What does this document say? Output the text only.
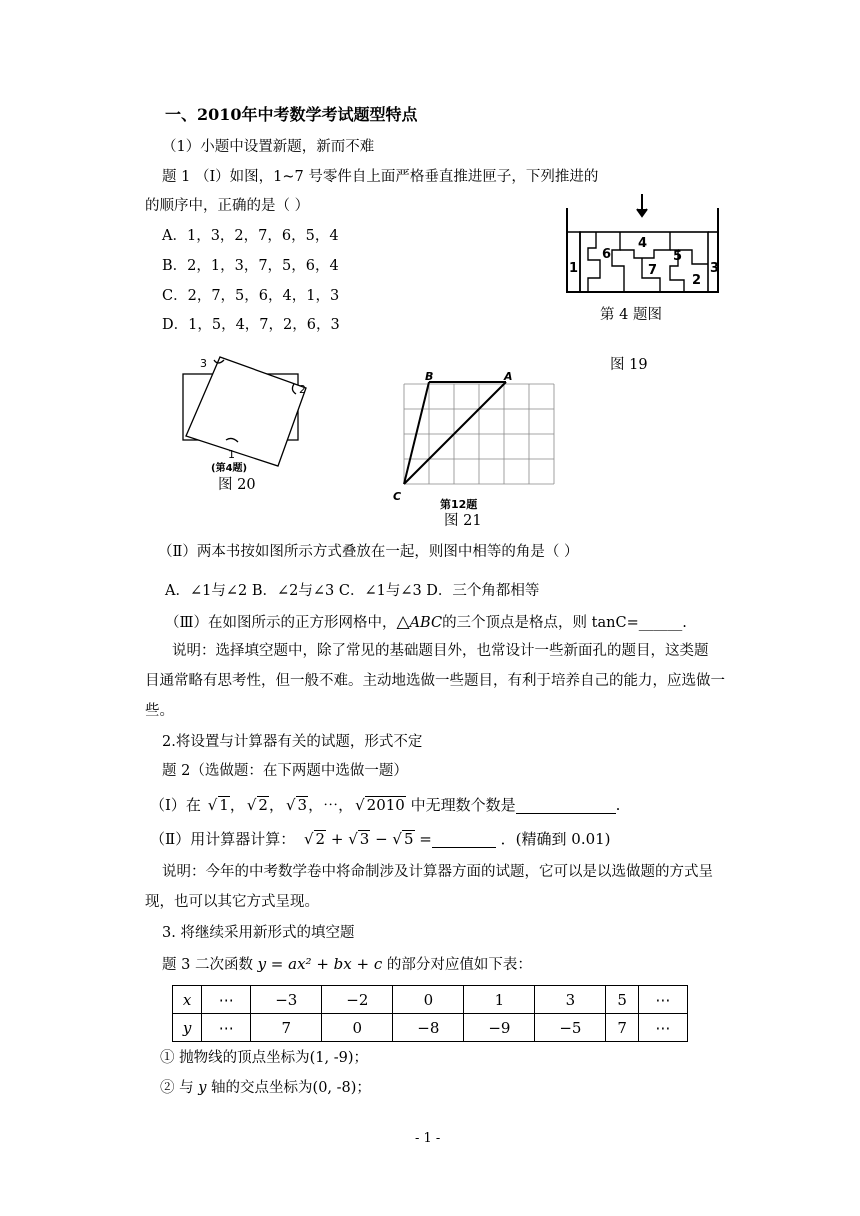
一、2010年中考数学考试题型特点
（1）小题中设置新题，新而不难
题 1 （Ⅰ）如图，1~7 号零件自上面严格垂直推进匣子，下列推进的
的顺序中，正确的是（ ）
A．1，3，2，7，6，5，4
B．2，1，3，7，5，6，4
C．2，7，5，6，4，1，3
D．1，5，4，7，2，6，3
1
6
4
7
5
2
3
第 4 题图
图 19
3
2
1
(第4题)
图 20
B	A
C
第12题
图 21
（Ⅱ）两本书按如图所示方式叠放在一起，则图中相等的角是（ ）
A．∠1与∠2 B．∠2与∠3 C．∠1与∠3 D．三个角都相等
（Ⅲ）在如图所示的正方形网格中，△ABC的三个顶点是格点，则 tanC=______.
说明：选择填空题中，除了常见的基础题目外，也常设计一些新面孔的题目，这类题
目通常略有思考性，但一般不难。主动地选做一些题目，有利于培养自己的能力，应选做一
些。
2.将设置与计算器有关的试题，形式不定
题 2（选做题：在下两题中选做一题）
（Ⅰ）在 √ 1， √ 2， √ 3，⋯， √ 2010 中无理数个数是	.
（Ⅱ）用计算器计算： √ 2 + √ 3 − √ 5 =	．(精确到 0.01)
说明：今年的中考数学卷中将命制涉及计算器方面的试题，它可以是以选做题的方式呈
现，也可以其它方式呈现。
3. 将继续采用新形式的填空题
题 3 二次函数 y = ax² + bx + c 的部分对应值如下表：
x	⋯	−3	−2	0	1	3	5	⋯
y	⋯	7	0	−8	−9	−5	7	⋯
① 抛物线的顶点坐标为(1, -9)；
② 与 y 轴的交点坐标为(0, -8)；
- 1 -
